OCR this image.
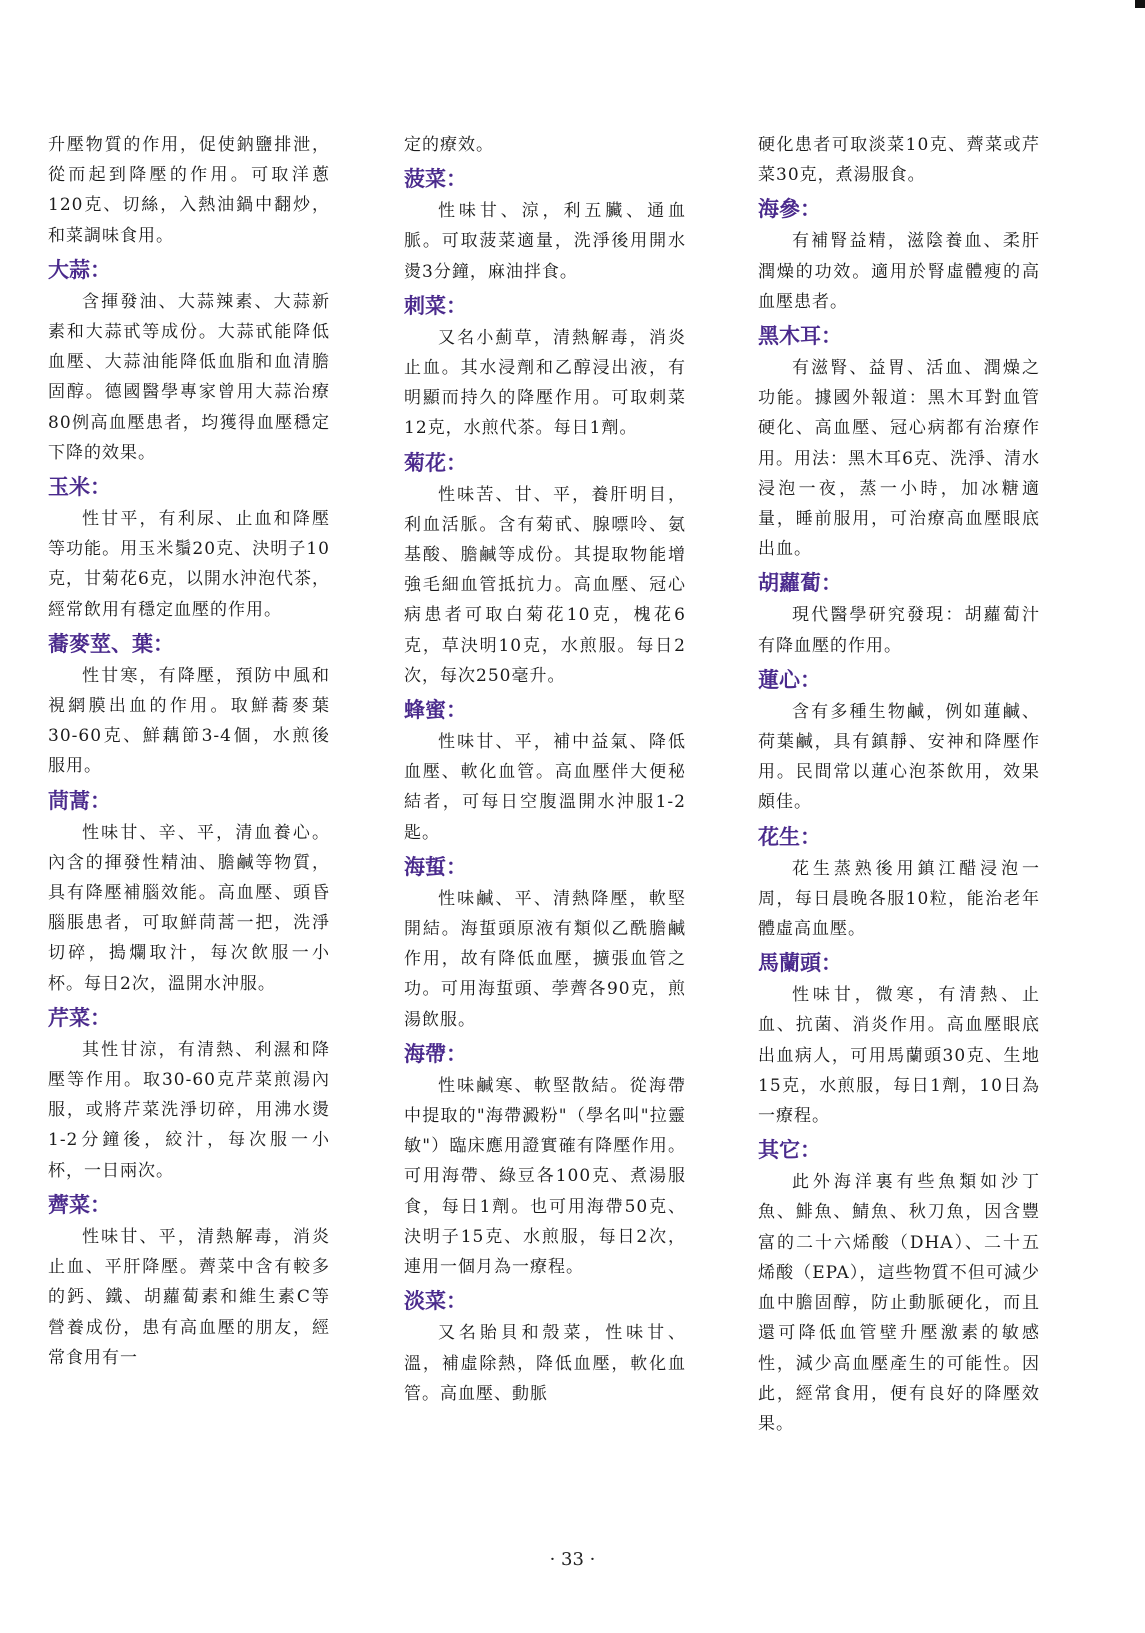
升壓物質的作用，促使鈉鹽排泄，從而起到降壓的作用。可取洋蔥120克、切絲，入熱油鍋中翻炒，和菜調味食用。

大蒜：

含揮發油、大蒜辣素、大蒜新素和大蒜甙等成份。大蒜甙能降低血壓、大蒜油能降低血脂和血清膽固醇。德國醫學專家曾用大蒜治療80例高血壓患者，均獲得血壓穩定下降的效果。

玉米：

性甘平，有利尿、止血和降壓等功能。用玉米鬚20克、決明子10克，甘菊花6克，以開水沖泡代茶，經常飲用有穩定血壓的作用。

蕎麥莖、葉：

性甘寒，有降壓，預防中風和視網膜出血的作用。取鮮蕎麥葉30-60克、鮮藕節3-4個，水煎後服用。

茼蒿：

性味甘、辛、平，清血養心。內含的揮發性精油、膽鹹等物質，具有降壓補腦效能。高血壓、頭昏腦脹患者，可取鮮茼蒿一把，洗淨切碎，搗爛取汁，每次飲服一小杯。每日2次，溫開水沖服。

芹菜：

其性甘涼，有清熱、利濕和降壓等作用。取30-60克芹菜煎湯內服，或將芹菜洗淨切碎，用沸水燙1-2分鐘後，絞汁，每次服一小杯，一日兩次。

薺菜：

性味甘、平，清熱解毒，消炎止血、平肝降壓。薺菜中含有較多的鈣、鐵、胡蘿蔔素和維生素C等營養成份，患有高血壓的朋友，經常食用有一

定的療效。

菠菜：

性味甘、涼，利五臟、通血脈。可取菠菜適量，洗淨後用開水燙3分鐘，麻油拌食。

刺菜：

又名小薊草，清熱解毒，消炎止血。其水浸劑和乙醇浸出液，有明顯而持久的降壓作用。可取刺菜12克，水煎代茶。每日1劑。

菊花：

性味苦、甘、平，養肝明目，利血活脈。含有菊甙、腺嘌呤、氨基酸、膽鹹等成份。其提取物能增強毛細血管抵抗力。高血壓、冠心病患者可取白菊花10克，槐花6克，草決明10克，水煎服。每日2次，每次250毫升。

蜂蜜：

性味甘、平，補中益氣、降低血壓、軟化血管。高血壓伴大便秘結者，可每日空腹溫開水沖服1-2匙。

海蜇：

性味鹹、平、清熱降壓，軟堅開結。海蜇頭原液有類似乙酰膽鹹作用，故有降低血壓，擴張血管之功。可用海蜇頭、荸薺各90克，煎湯飲服。

海帶：

性味鹹寒、軟堅散結。從海帶中提取的"海帶澱粉"（學名叫"拉靈敏"）臨床應用證實確有降壓作用。可用海帶、綠豆各100克、煮湯服食，每日1劑。也可用海帶50克、決明子15克、水煎服，每日2次，連用一個月為一療程。

淡菜：

又名貽貝和殼菜，性味甘、溫，補虛除熱，降低血壓，軟化血管。高血壓、動脈

硬化患者可取淡菜10克、薺菜或芹菜30克，煮湯服食。

海參：

有補腎益精，滋陰養血、柔肝潤燥的功效。適用於腎虛體瘦的高血壓患者。

黑木耳：

有滋腎、益胃、活血、潤燥之功能。據國外報道：黑木耳對血管硬化、高血壓、冠心病都有治療作用。用法：黑木耳6克、洗淨、清水浸泡一夜，蒸一小時，加冰糖適量，睡前服用，可治療高血壓眼底出血。

胡蘿蔔：

現代醫學研究發現：胡蘿蔔汁有降血壓的作用。

蓮心：

含有多種生物鹹，例如蓮鹹、荷葉鹹，具有鎮靜、安神和降壓作用。民間常以蓮心泡茶飲用，效果頗佳。

花生：

花生蒸熟後用鎮江醋浸泡一周，每日晨晚各服10粒，能治老年體虛高血壓。

馬蘭頭：

性味甘，微寒，有清熱、止血、抗菌、消炎作用。高血壓眼底出血病人，可用馬蘭頭30克、生地15克，水煎服，每日1劑，10日為一療程。

其它：

此外海洋裏有些魚類如沙丁魚、鯡魚、鯖魚、秋刀魚，因含豐富的二十六烯酸（DHA）、二十五烯酸（EPA），這些物質不但可減少血中膽固醇，防止動脈硬化，而且還可降低血管壁升壓激素的敏感性，減少高血壓產生的可能性。因此，經常食用，便有良好的降壓效果。

· 33 ·
